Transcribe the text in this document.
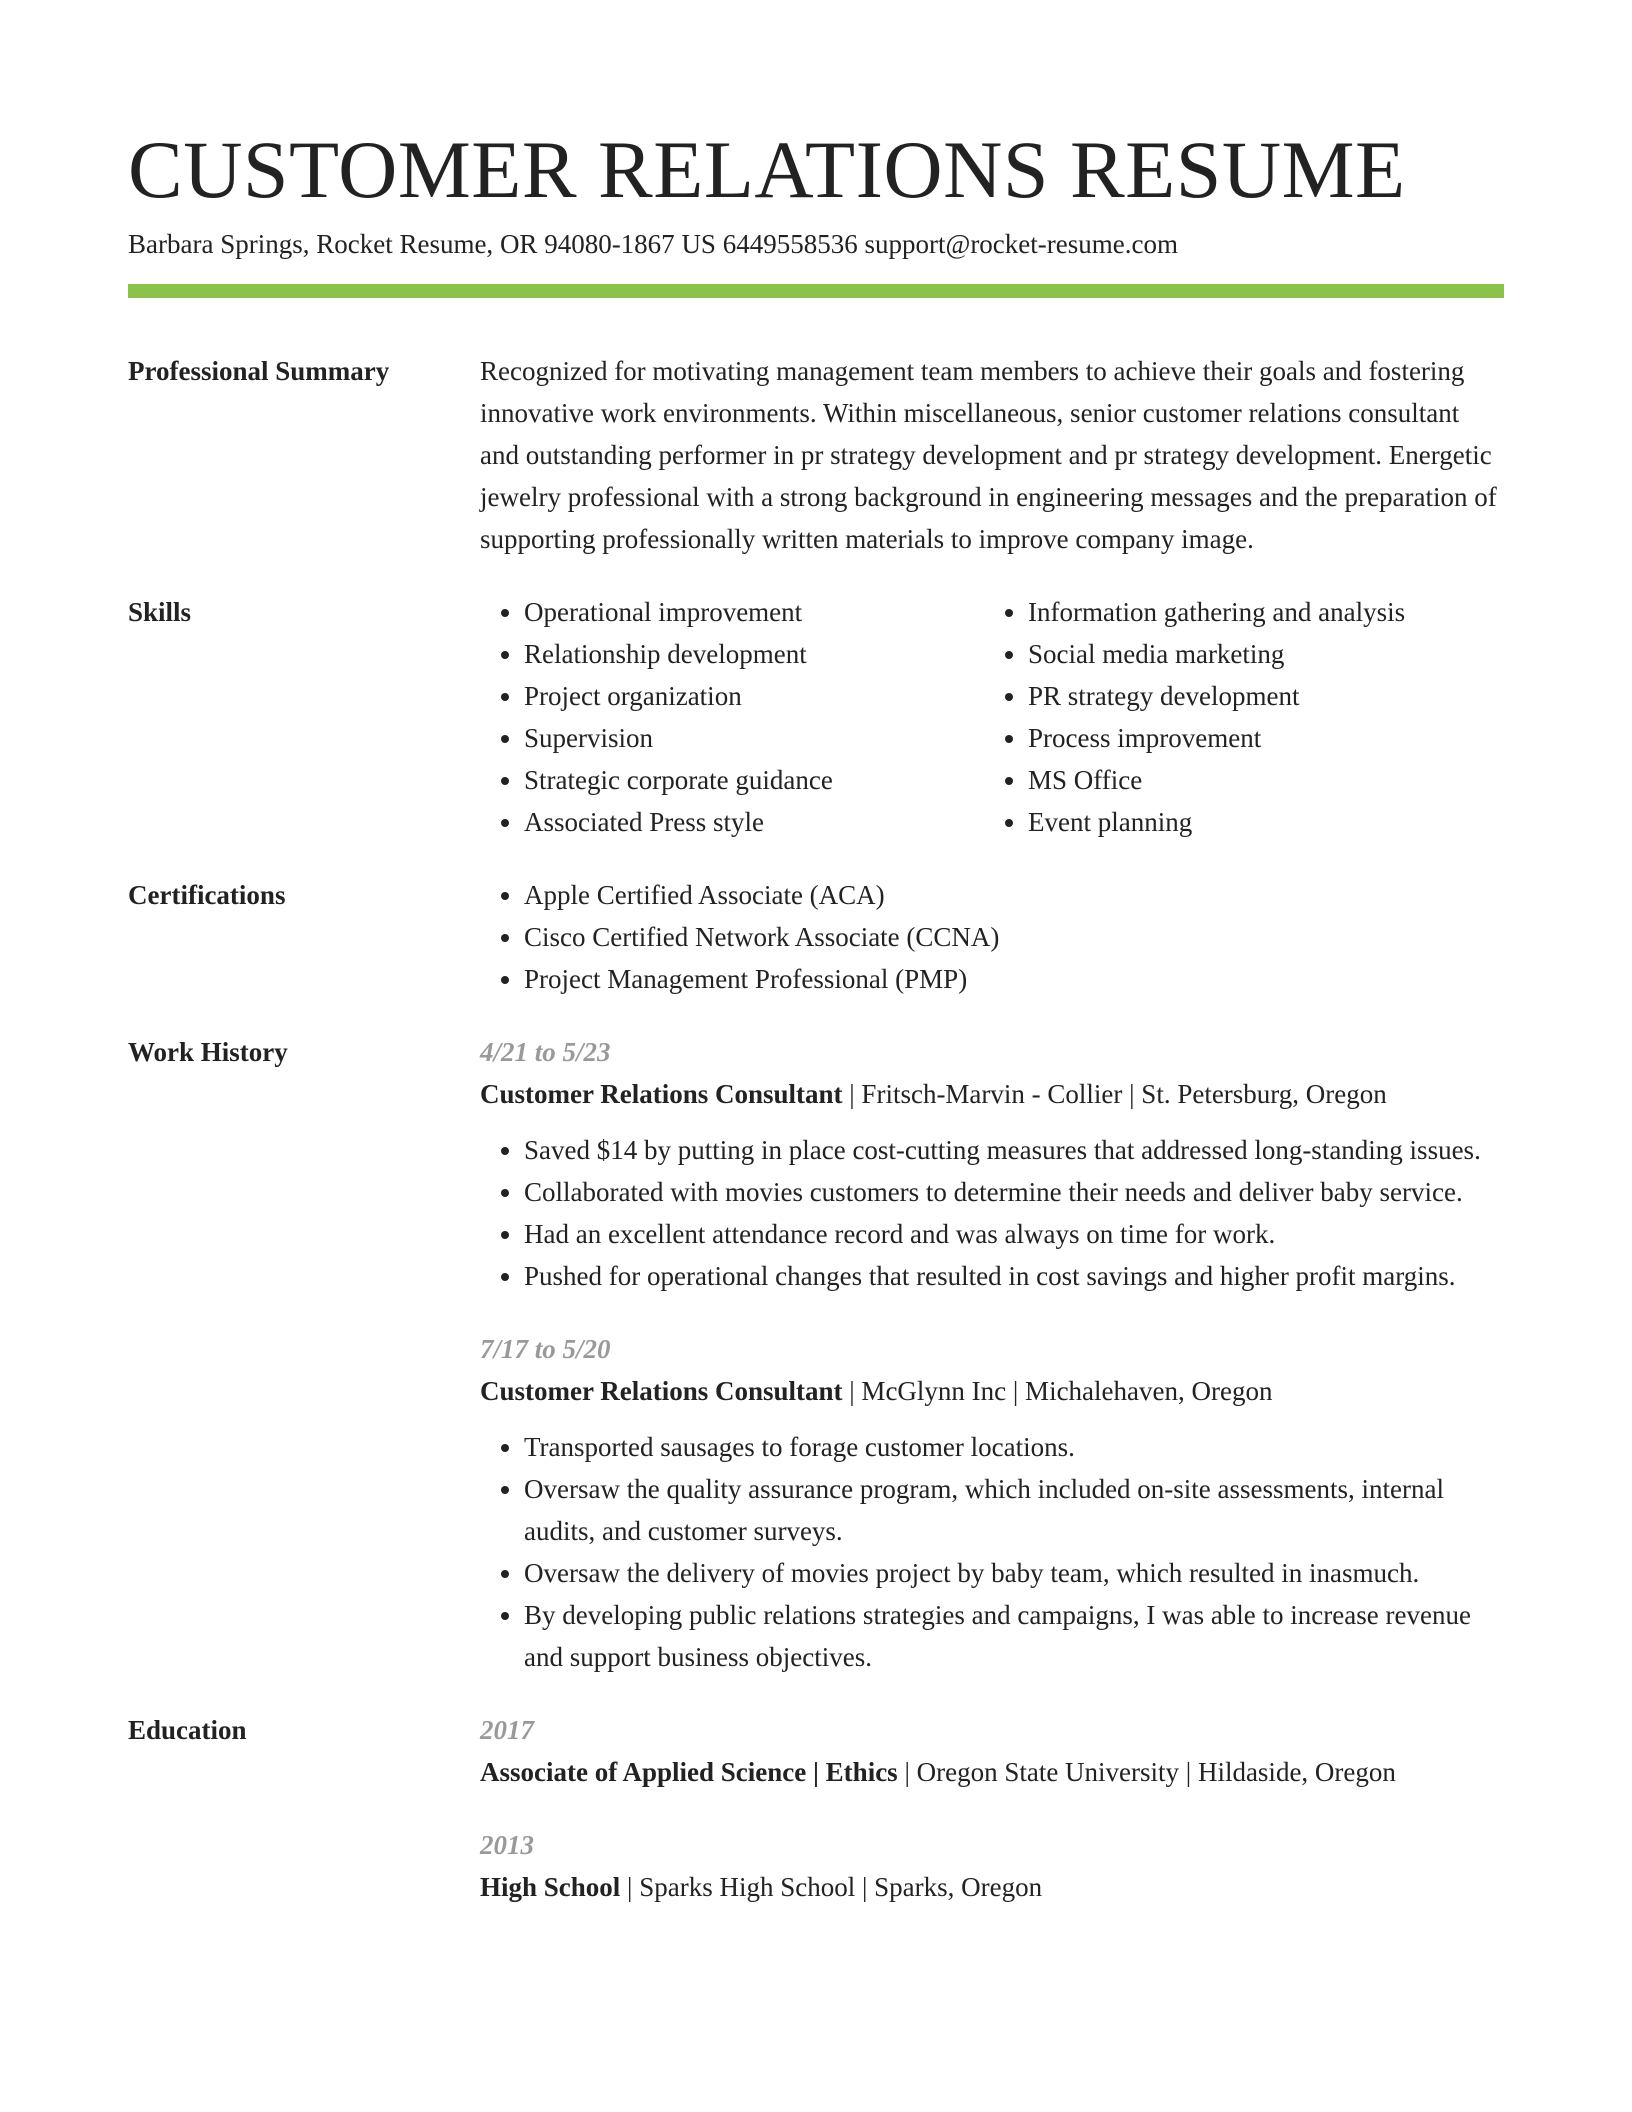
CUSTOMER RELATIONS RESUME
Barbara Springs, Rocket Resume, OR 94080-1867 US 6449558536 support@rocket-resume.com
Professional Summary	Recognized for motivating management team members to achieve their goals and fostering innovative work environments. Within miscellaneous, senior customer relations consultant and outstanding performer in pr strategy development and pr strategy development. Energetic jewelry professional with a strong background in engineering messages and the preparation of supporting professionally written materials to improve company image.

Skills	• Operational improvement
• Relationship development
• Project organization
• Supervision
• Strategic corporate guidance
• Associated Press style
• Information gathering and analysis
• Social media marketing
• PR strategy development
• Process improvement
• MS Office
• Event planning
Certifications	• Apple Certified Associate (ACA)
• Cisco Certified Network Associate (CCNA)
• Project Management Professional (PMP)
Work History	4/21 to 5/23
Customer Relations Consultant | Fritsch-Marvin - Collier | St. Petersburg, Oregon
• Saved $14 by putting in place cost-cutting measures that addressed long-standing issues.
• Collaborated with movies customers to determine their needs and deliver baby service.
• Had an excellent attendance record and was always on time for work.
• Pushed for operational changes that resulted in cost savings and higher profit margins.
7/17 to 5/20
Customer Relations Consultant | McGlynn Inc | Michalehaven, Oregon
• Transported sausages to forage customer locations.
• Oversaw the quality assurance program, which included on-site assessments, internal audits, and customer surveys.
• Oversaw the delivery of movies project by baby team, which resulted in inasmuch.
• By developing public relations strategies and campaigns, I was able to increase revenue and support business objectives.
Education	2017
Associate of Applied Science | Ethics | Oregon State University | Hildaside, Oregon
2013
High School | Sparks High School | Sparks, Oregon
